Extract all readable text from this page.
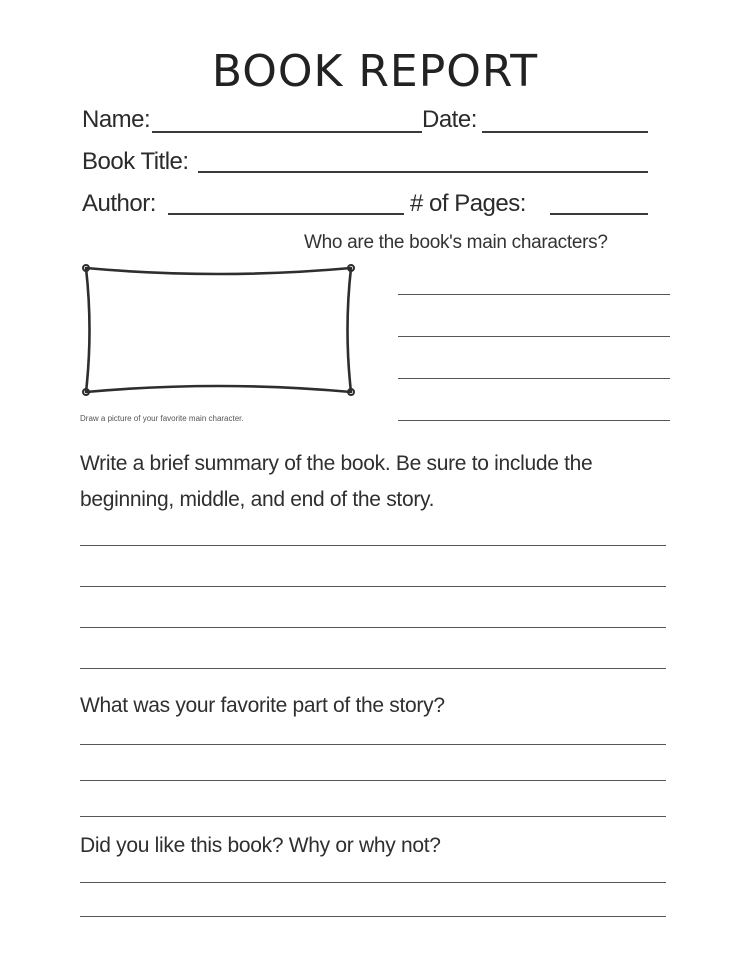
BOOK REPORT
Name:	Date:
Book Title:
Author:	# of Pages:
Who are the book's main characters?
Draw a picture of your favorite main character.
Write a brief summary of the book. Be sure to include the beginning, middle, and end of the story.
What was your favorite part of the story?
Did you like this book? Why or why not?
